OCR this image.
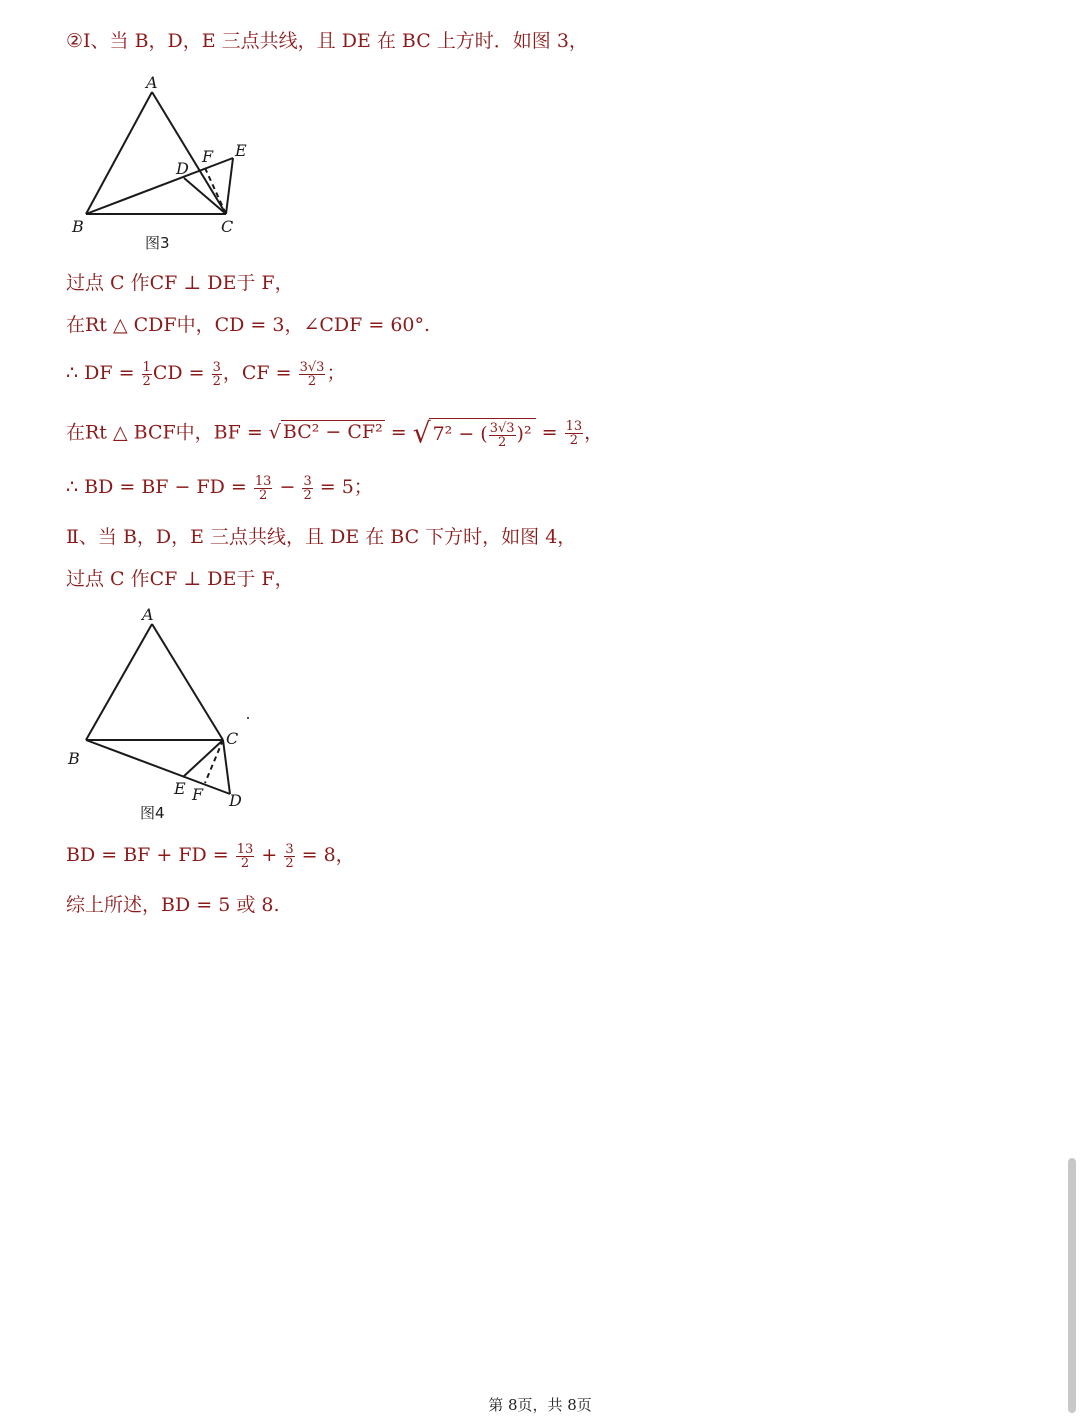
②Ⅰ、当 B，D，E 三点共线，且 DE 在 BC 上方时．如图 3，
A
B	C
D
E
F
图3
过点 C 作CF ⊥ DE于 F，
在Rt △ CDF中，CD = 3，∠CDF = 60°.
∴ DF = $\frac{1}{2}$ CD = $\frac{3}{2}$ ，CF = $\frac{3√3}{2}$ ；
在Rt △ BCF中，BF = √ BC² − CF² = √ 7² − ( $\frac{3√3}{2} )^2 = \frac{13}{2}$ ，
∴ BD = BF − FD = $\frac{13}{2} - \frac{3}{2} = 5$；
Ⅱ、当 B，D，E 三点共线，且 DE 在 BC 下方时，如图 4，
过点 C 作CF ⊥ DE于 F，
A
B
C
D
E F
图4
BD = BF + FD = $\frac{13}{2} + \frac{3}{2} = 8$，
综上所述，BD = 5 或 8.
第 8页，共 8页
